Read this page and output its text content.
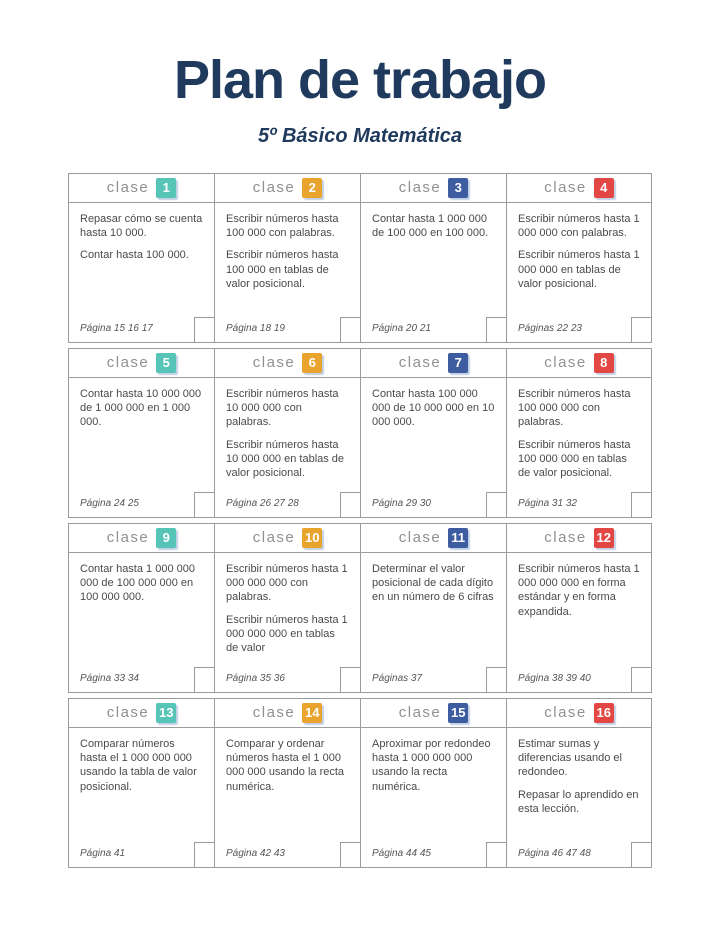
Plan de trabajo
5º Básico Matemática
clase	1

Repasar cómo se cuenta hasta 10 000.

Contar hasta 100 000.

Página 15 16 17
clase	2

Escribir números hasta 100 000 con palabras.

Escribir números hasta 100 000 en tablas de valor posicional.

Página 18 19
clase	3

Contar hasta 1 000 000 de 100 000 en 100 000.

Página 20 21
clase	4

Escribir números hasta 1 000 000 con palabras.

Escribir números hasta 1 000 000 en tablas de valor posicional.

Páginas 22 23
clase	5

Contar hasta 10 000 000 de 1 000 000 en 1 000 000.

Página 24 25
clase	6

Escribir números hasta 10 000 000 con palabras.

Escribir números hasta 10 000 000 en tablas de valor posicional.

Página 26 27 28
clase	7

Contar hasta 100 000 000 de 10 000 000 en 10 000 000.

Página 29 30
clase	8

Escribir números hasta 100 000 000 con palabras.

Escribir números hasta 100 000 000 en tablas de valor posicional.

Página 31 32
clase	9

Contar hasta 1 000 000 000 de 100 000 000 en 100 000 000.

Página 33 34
clase 10

Escribir números hasta 1 000 000 000 con palabras.

Escribir números hasta 1 000 000 000 en tablas de valor

Página 35 36
clase 11

Determinar el valor posicional de cada dígito en un número de 6 cifras

Páginas 37
clase 12

Escribir números hasta 1 000 000 000 en forma estándar y en forma expandida.

Página 38 39 40
clase 13

Comparar números hasta el 1 000 000 000 usando la tabla de valor posicional.

Página 41
clase 14

Comparar y ordenar números hasta el 1 000 000 000 usando la recta numérica.

Página 42 43
clase 15

Aproximar por redondeo hasta 1 000 000 000 usando la recta numérica.

Página 44 45
clase 16

Estimar sumas y diferencias usando el redondeo.

Repasar lo aprendido en esta lección.

Página 46 47 48
